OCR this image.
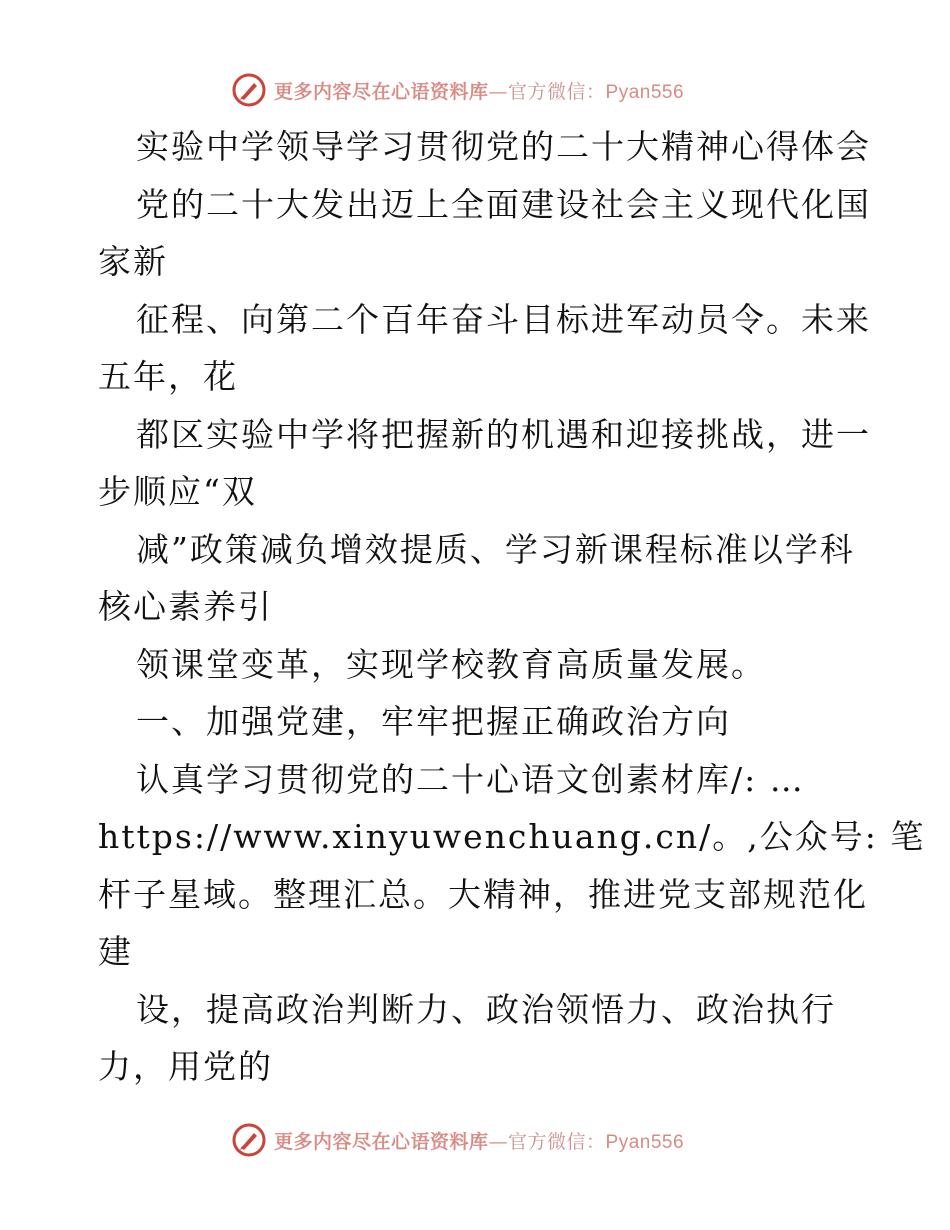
更多内容尽在心语资料库—官方微信：Pyan556
实验中学领导学习贯彻党的二十大精神心得体会
党的二十大发出迈上全面建设社会主义现代化国
家新
征程、向第二个百年奋斗目标进军动员令。未来
五年，花
都区实验中学将把握新的机遇和迎接挑战，进一
步顺应“双
减”政策减负增效提质、学习新课程标准以学科
核心素养引
领课堂变革，实现学校教育高质量发展。
一、加强党建，牢牢把握正确政治方向
认真学习贯彻党的二十心语文创素材库/: …
https://www.xinyuwenchuang.cn/。,公众号: 笔
杆子星域。整理汇总。大精神，推进党支部规范化
建
设，提高政治判断力、政治领悟力、政治执行
力，用党的
更多内容尽在心语资料库—官方微信：Pyan556
